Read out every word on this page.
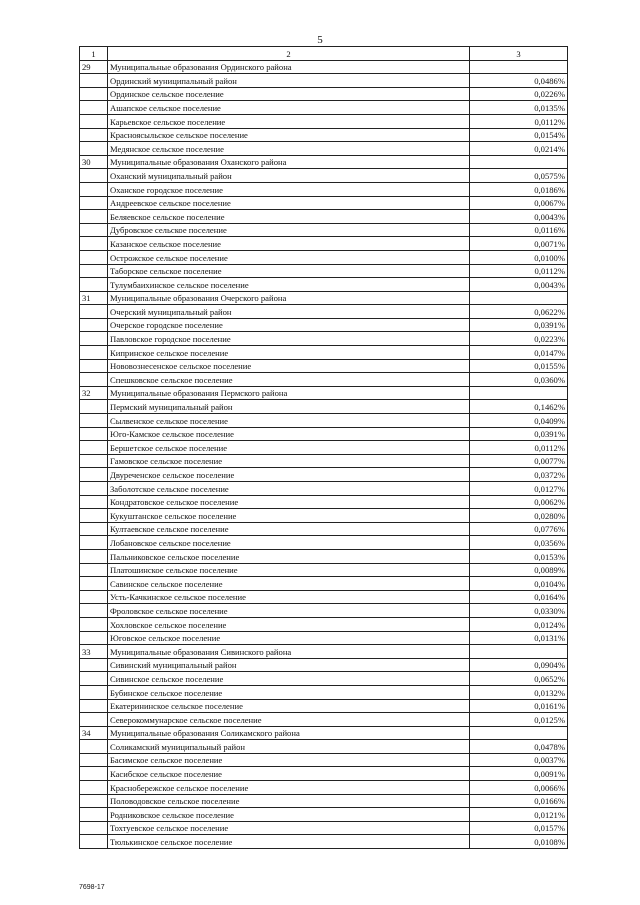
5
1	2	3
29	Муниципальные образования Ординского района	
	Ординский муниципальный район	0,0486%
	Ординское сельское поселение	0,0226%
	Ашапское сельское поселение	0,0135%
	Карьевское сельское поселение	0,0112%
	Красноясыльское сельское поселение	0,0154%
	Медянское сельское поселение	0,0214%
30	Муниципальные образования Оханского района	
	Оханский муниципальный район	0,0575%
	Оханское городское поселение	0,0186%
	Андреевское сельское поселение	0,0067%
	Беляевское сельское поселение	0,0043%
	Дубровское сельское поселение	0,0116%
	Казанское сельское поселение	0,0071%
	Острожское сельское поселение	0,0100%
	Таборское сельское поселение	0,0112%
	Тулумбаихинское сельское поселение	0,0043%
31	Муниципальные образования Очерского района	
	Очерский муниципальный район	0,0622%
	Очерское городское поселение	0,0391%
	Павловское городское поселение	0,0223%
	Кипринское сельское поселение	0,0147%
	Нововознесенское сельское поселение	0,0155%
	Спешковское сельское поселение	0,0360%
32	Муниципальные образования Пермского района	
	Пермский муниципальный район	0,1462%
	Сылвенское сельское поселение	0,0409%
	Юго-Камское сельское поселение	0,0391%
	Бершетское сельское поселение	0,0112%
	Гамовское сельское поселение	0,0077%
	Двуреченское сельское поселение	0,0372%
	Заболотское сельское поселение	0,0127%
	Кондратовское сельское поселение	0,0062%
	Кукуштанское сельское поселение	0,0280%
	Култаевское сельское поселение	0,0776%
	Лобановское сельское поселение	0,0356%
	Пальниковское сельское поселение	0,0153%
	Платошинское сельское поселение	0,0089%
	Савинское сельское поселение	0,0104%
	Усть-Качкинское сельское поселение	0,0164%
	Фроловское сельское поселение	0,0330%
	Хохловское сельское поселение	0,0124%
	Юговское сельское поселение	0,0131%
33	Муниципальные образования Сивинского района	
	Сивинский муниципальный район	0,0904%
	Сивинское сельское поселение	0,0652%
	Бубинское сельское поселение	0,0132%
	Екатерининское сельское поселение	0,0161%
	Северокоммунарское сельское поселение	0,0125%
34	Муниципальные образования Соликамского района	
	Соликамский муниципальный район	0,0478%
	Басимское сельское поселение	0,0037%
	Касибское сельское поселение	0,0091%
	Краснобережское сельское поселение	0,0066%
	Половодовское сельское поселение	0,0166%
	Родниковское сельское поселение	0,0121%
	Тохтуевское сельское поселение	0,0157%
	Тюлькинское сельское поселение	0,0108%
7698-17
